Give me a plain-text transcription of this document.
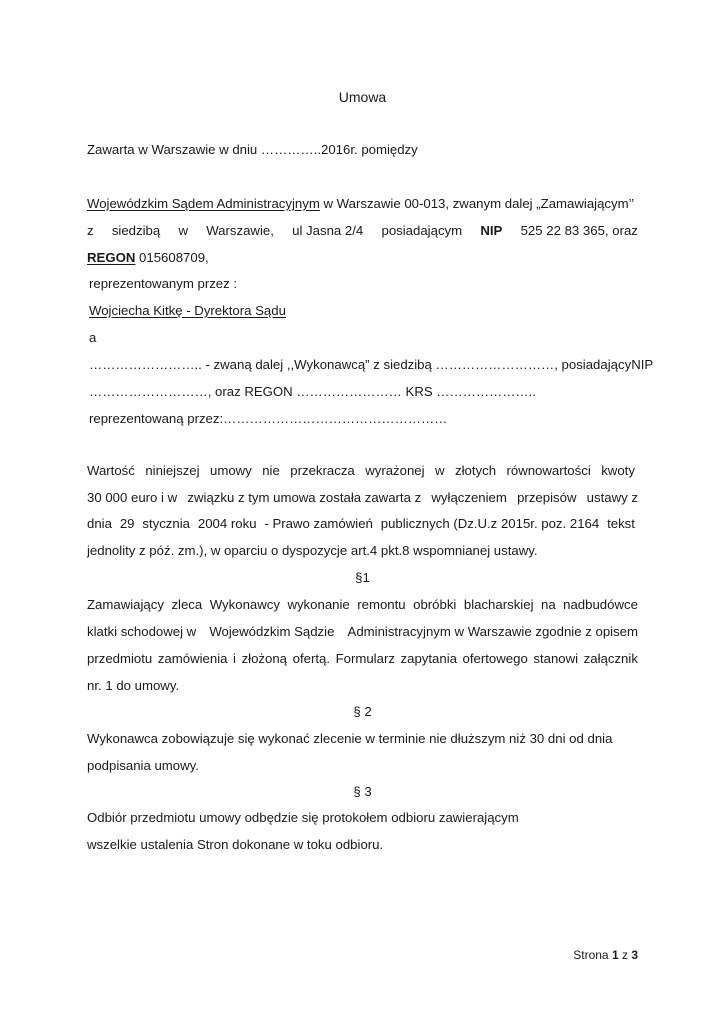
Umowa
Zawarta w Warszawie w dniu …………..2016r. pomiędzy
Wojewódzkim Sądem Administracyjnym w Warszawie 00-013, zwanym dalej „Zamawiającym’’
z siedzibą w Warszawie, ul Jasna 2/4 posiadającym NIP 525 22 83 365, oraz
REGON 015608709,
reprezentowanym przez :
Wojciecha Kitkę - Dyrektora Sądu
a
…………………….. - zwaną dalej ,,Wykonawcą” z siedzibą ………………………, posiadający NIP
………………………, oraz REGON …………………… KRS …………………..
reprezentowaną przez:……………………………………………
Wartość niniejszej umowy nie przekracza wyrażonej w złotych równowartości kwoty
30 000 euro i w związku z tym umowa została zawarta z wyłączeniem przepisów ustawy z
dnia 29 stycznia 2004 roku - Prawo zamówień publicznych (Dz.U.z 2015r. poz. 2164 tekst
jednolity z póź. zm.), w oparciu o dyspozycje art.4 pkt.8 wspomnianej ustawy.
§1
Zamawiający zleca Wykonawcy wykonanie remontu obróbki blacharskiej na nadbudówce
klatki schodowej w Wojewódzkim Sądzie Administracyjnym w Warszawie zgodnie z opisem
przedmiotu zamówienia i złożoną ofertą. Formularz zapytania ofertowego stanowi załącznik
nr. 1 do umowy.
§ 2
Wykonawca zobowiązuje się wykonać zlecenie w terminie nie dłuższym niż 30 dni od dnia
podpisania umowy.
§ 3
Odbiór przedmiotu umowy odbędzie się protokołem odbioru zawierającym
wszelkie ustalenia Stron dokonane w toku odbioru.
Strona 1 z 3
